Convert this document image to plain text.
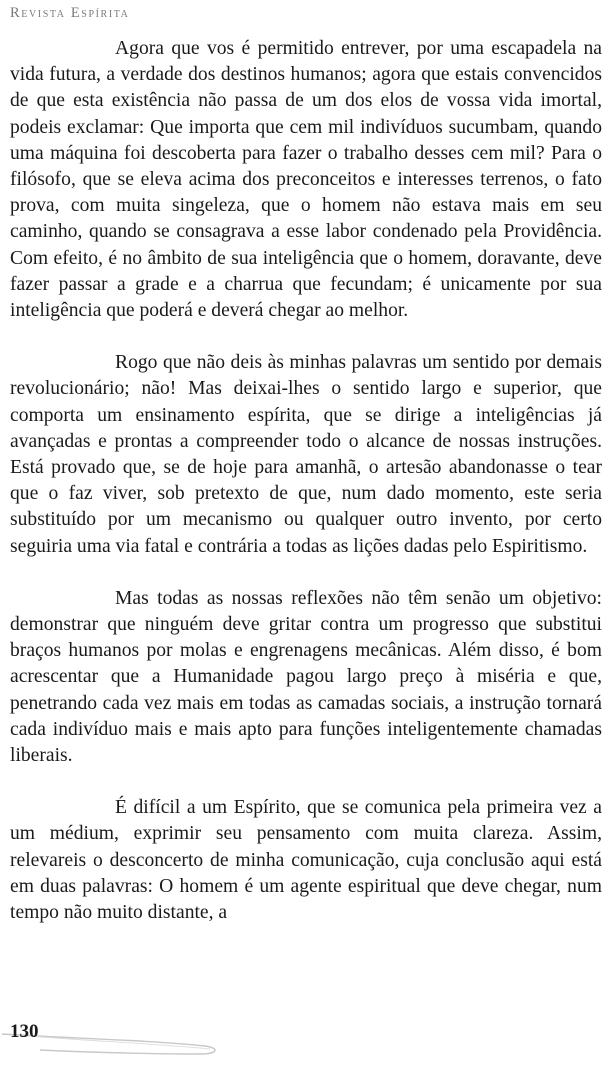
Revista Espírita

Agora que vos é permitido entrever, por uma escapadela na vida futura, a verdade dos destinos humanos; agora que estais convencidos de que esta existência não passa de um dos elos de vossa vida imortal, podeis exclamar: Que importa que cem mil indivíduos sucumbam, quando uma máquina foi descoberta para fazer o trabalho desses cem mil? Para o filósofo, que se eleva acima dos preconceitos e interesses terrenos, o fato prova, com muita singeleza, que o homem não estava mais em seu caminho, quando se consagrava a esse labor condenado pela Providência. Com efeito, é no âmbito de sua inteligência que o homem, doravante, deve fazer passar a grade e a charrua que fecundam; é unicamente por sua inteligência que poderá e deverá chegar ao melhor.

Rogo que não deis às minhas palavras um sentido por demais revolucionário; não! Mas deixai-lhes o sentido largo e superior, que comporta um ensinamento espírita, que se dirige a inteligências já avançadas e prontas a compreender todo o alcance de nossas instruções. Está provado que, se de hoje para amanhã, o artesão abandonasse o tear que o faz viver, sob pretexto de que, num dado momento, este seria substituído por um mecanismo ou qualquer outro invento, por certo seguiria uma via fatal e contrária a todas as lições dadas pelo Espiritismo.

Mas todas as nossas reflexões não têm senão um objetivo: demonstrar que ninguém deve gritar contra um progresso que substitui braços humanos por molas e engrenagens mecânicas. Além disso, é bom acrescentar que a Humanidade pagou largo preço à miséria e que, penetrando cada vez mais em todas as camadas sociais, a instrução tornará cada indivíduo mais e mais apto para funções inteligentemente chamadas liberais.

É difícil a um Espírito, que se comunica pela primeira vez a um médium, exprimir seu pensamento com muita clareza. Assim, relevareis o desconcerto de minha comunicação, cuja conclusão aqui está em duas palavras: O homem é um agente espiritual que deve chegar, num tempo não muito distante, a

130
